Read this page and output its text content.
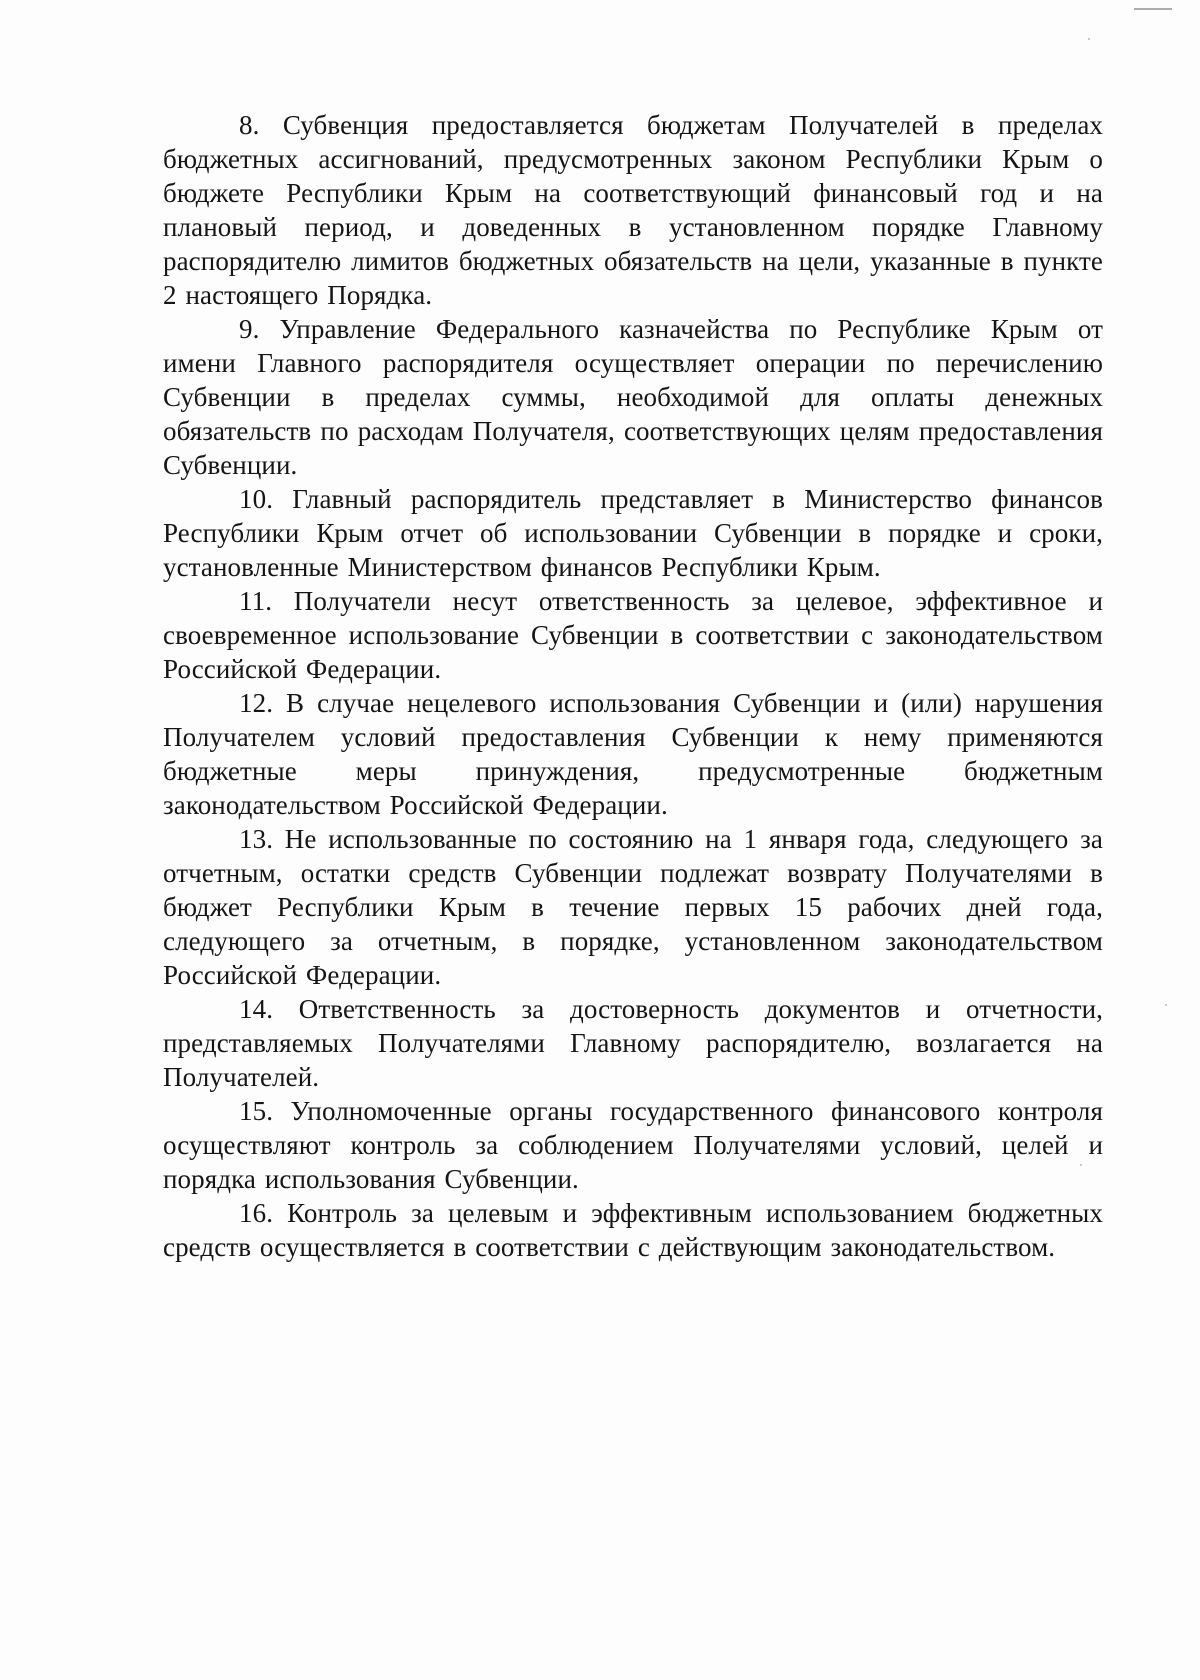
8. Субвенция предоставляется бюджетам Получателей в пределах бюджетных ассигнований, предусмотренных законом Республики Крым о бюджете Республики Крым на соответствующий финансовый год и на плановый период, и доведенных в установленном порядке Главному распорядителю лимитов бюджетных обязательств на цели, указанные в пункте 2 настоящего Порядка.

9. Управление Федерального казначейства по Республике Крым от имени Главного распорядителя осуществляет операции по перечислению Субвенции в пределах суммы, необходимой для оплаты денежных обязательств по расходам Получателя, соответствующих целям предоставления Субвенции.

10. Главный распорядитель представляет в Министерство финансов Республики Крым отчет об использовании Субвенции в порядке и сроки, установленные Министерством финансов Республики Крым.

11. Получатели несут ответственность за целевое, эффективное и своевременное использование Субвенции в соответствии с законодательством Российской Федерации.

12. В случае нецелевого использования Субвенции и (или) нарушения Получателем условий предоставления Субвенции к нему применяются бюджетные меры принуждения, предусмотренные бюджетным законодательством Российской Федерации.

13. Не использованные по состоянию на 1 января года, следующего за отчетным, остатки средств Субвенции подлежат возврату Получателями в бюджет Республики Крым в течение первых 15 рабочих дней года, следующего за отчетным, в порядке, установленном законодательством Российской Федерации.

14. Ответственность за достоверность документов и отчетности, представляемых Получателями Главному распорядителю, возлагается на Получателей.

15. Уполномоченные органы государственного финансового контроля осуществляют контроль за соблюдением Получателями условий, целей и порядка использования Субвенции.

16. Контроль за целевым и эффективным использованием бюджетных средств осуществляется в соответствии с действующим законодательством.
